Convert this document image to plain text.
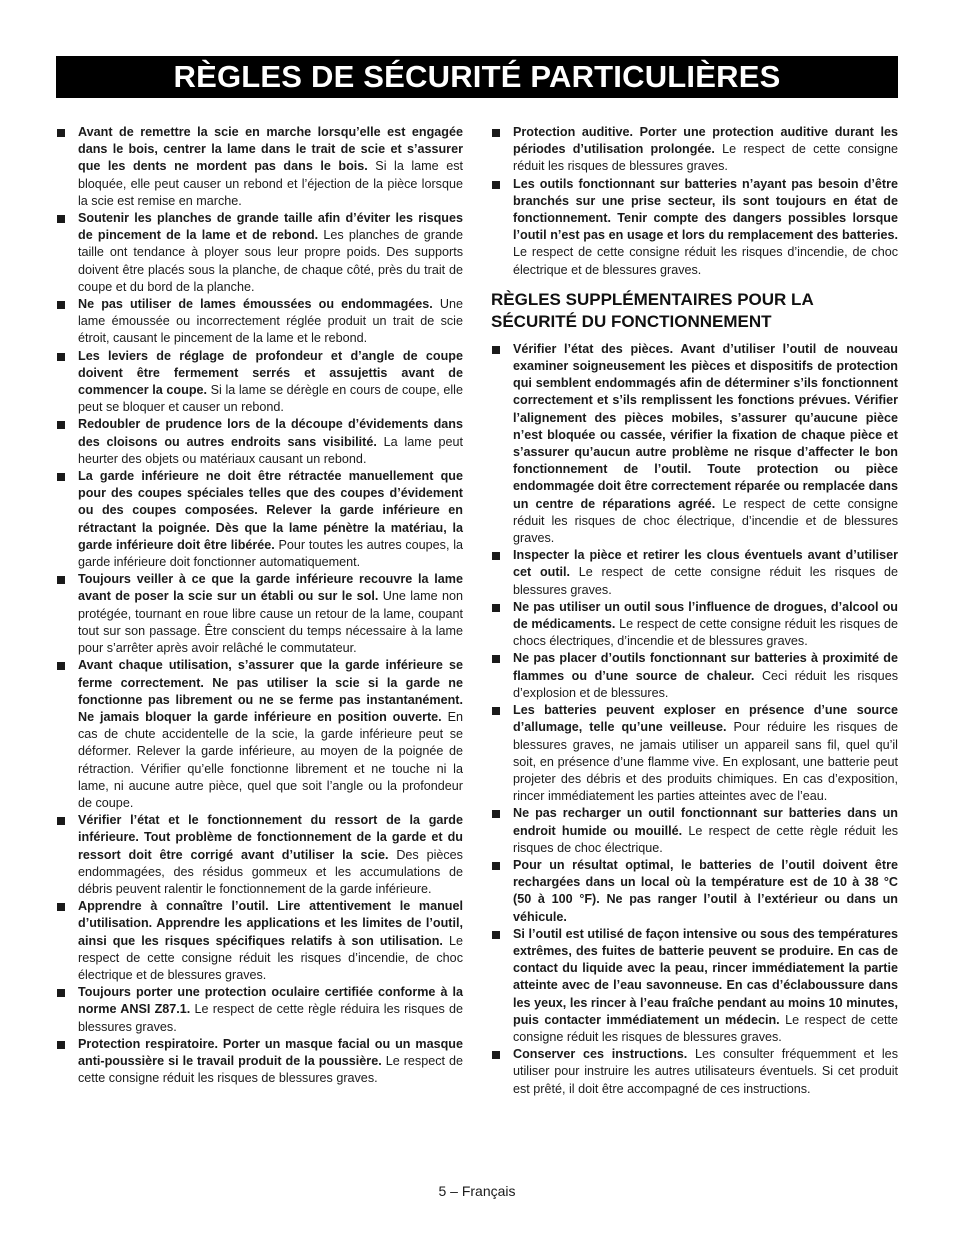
RÈGLES DE SÉCURITÉ PARTICULIÈRES
Avant de remettre la scie en marche lorsqu’elle est engagée dans le bois, centrer la lame dans le trait de scie et s’assurer que les dents ne mordent pas dans le bois. Si la lame est bloquée, elle peut causer un rebond et l’éjection de la pièce lorsque la scie est remise en marche.
Soutenir les planches de grande taille afin d’éviter les risques de pincement de la lame et de rebond. Les planches de grande taille ont tendance à ployer sous leur propre poids. Des supports doivent être placés sous la planche, de chaque côté, près du trait de coupe et du bord de la planche.
Ne pas utiliser de lames émoussées ou endommagées. Une lame émoussée ou incorrectement réglée produit un trait de scie étroit, causant le pincement de la lame et le rebond.
Les leviers de réglage de profondeur et d’angle de coupe doivent être fermement serrés et assujettis avant de commencer la coupe. Si la lame se dérègle en cours de coupe, elle peut se bloquer et causer un rebond.
Redoubler de prudence lors de la découpe d’évidements dans des cloisons ou autres endroits sans visibilité. La lame peut heurter des objets ou matériaux causant un rebond.
La garde inférieure ne doit être rétractée manuellement que pour des coupes spéciales telles que des coupes d’évidement ou des coupes composées. Relever la garde inférieure en rétractant la poignée. Dès que la lame pénètre la matériau, la garde inférieure doit être libérée. Pour toutes les autres coupes, la garde inférieure doit fonctionner automatiquement.
Toujours veiller à ce que la garde inférieure recouvre la lame avant de poser la scie sur un établi ou sur le sol. Une lame non protégée, tournant en roue libre cause un retour de la lame, coupant tout sur son passage. Être conscient du temps nécessaire à la lame pour s’arrêter après avoir relâché le commutateur.
Avant chaque utilisation, s’assurer que la garde inférieure se ferme correctement. Ne pas utiliser la scie si la garde ne fonctionne pas librement ou ne se ferme pas instantanément. Ne jamais bloquer la garde inférieure en position ouverte. En cas de chute accidentelle de la scie, la garde inférieure peut se déformer. Relever la garde inférieure, au moyen de la poignée de rétraction. Vérifier qu’elle fonctionne librement et ne touche ni la lame, ni aucune autre pièce, quel que soit l’angle ou la profondeur de coupe.
Vérifier l’état et le fonctionnement du ressort de la garde inférieure. Tout problème de fonctionnement de la garde et du ressort doit être corrigé avant d’utiliser la scie. Des pièces endommagées, des résidus gommeux et les accumulations de débris peuvent ralentir le fonctionnement de la garde inférieure.
Apprendre à connaître l’outil. Lire attentivement le manuel d’utilisation. Apprendre les applications et les limites de l’outil, ainsi que les risques spécifiques relatifs à son utilisation. Le respect de cette consigne réduit les risques d’incendie, de choc électrique et de blessures graves.
Toujours porter une protection oculaire certifiée conforme à la norme ANSI Z87.1. Le respect de cette règle réduira les risques de blessures graves.
Protection respiratoire. Porter un masque facial ou un masque anti-poussière si le travail produit de la poussière. Le respect de cette consigne réduit les risques de blessures graves.
Protection auditive. Porter une protection auditive durant les périodes d’utilisation prolongée. Le respect de cette consigne réduit les risques de blessures graves.
Les outils fonctionnant sur batteries n’ayant pas besoin d’être branchés sur une prise secteur, ils sont toujours en état de fonctionnement. Tenir compte des dangers possibles lorsque l’outil n’est pas en usage et lors du remplacement des batteries. Le respect de cette consigne réduit les risques d’incendie, de choc électrique et de blessures graves.
RÈGLES SUPPLÉMENTAIRES POUR LA
SÉCURITÉ DU FONCTIONNEMENT
Vérifier l’état des pièces. Avant d’utiliser l’outil de nouveau examiner soigneusement les pièces et dispositifs de protection qui semblent endommagés afin de déterminer s’ils fonctionnent correctement et s’ils remplissent les fonctions prévues. Vérifier l’alignement des pièces mobiles, s’assurer qu’aucune pièce n’est bloquée ou cassée, vérifier la fixation de chaque pièce et s’assurer qu’aucun autre problème ne risque d’affecter le bon fonctionnement de l’outil. Toute protection ou pièce endommagée doit être correctement réparée ou remplacée dans un centre de réparations agréé. Le respect de cette consigne réduit les risques de choc électrique, d’incendie et de blessures graves.
Inspecter la pièce et retirer les clous éventuels avant d’utiliser cet outil. Le respect de cette consigne réduit les risques de blessures graves.
Ne pas utiliser un outil sous l’influence de drogues, d’alcool ou de médicaments. Le respect de cette consigne réduit les risques de chocs électriques, d’incendie et de blessures graves.
Ne pas placer d’outils fonctionnant sur batteries à proximité de flammes ou d’une source de chaleur. Ceci réduit les risques d’explosion et de blessures.
Les batteries peuvent exploser en présence d’une source d’allumage, telle qu’une veilleuse. Pour réduire les risques de blessures graves, ne jamais utiliser un appareil sans fil, quel qu’il soit, en présence d’une flamme vive. En explosant, une batterie peut projeter des débris et des produits chimiques. En cas d’exposition, rincer immédiatement les parties atteintes avec de l’eau.
Ne pas recharger un outil fonctionnant sur batteries dans un endroit humide ou mouillé. Le respect de cette règle réduit les risques de choc électrique.
Pour un résultat optimal, le batteries de l’outil doivent être rechargées dans un local où la température est de 10 à 38 °C (50 à 100 °F). Ne pas ranger l’outil à l’extérieur ou dans un véhicule.
Si l’outil est utilisé de façon intensive ou sous des températures extrêmes, des fuites de batterie peuvent se produire. En cas de contact du liquide avec la peau, rincer immédiatement la partie atteinte avec de l’eau savonneuse. En cas d’éclaboussure dans les yeux, les rincer à l’eau fraîche pendant au moins 10 minutes, puis contacter immédiatement un médecin. Le respect de cette consigne réduit les risques de blessures graves.
Conserver ces instructions. Les consulter fréquemment et les utiliser pour instruire les autres utilisateurs éventuels. Si cet produit est prêté, il doit être accompagné de ces instructions.
5 – Français
